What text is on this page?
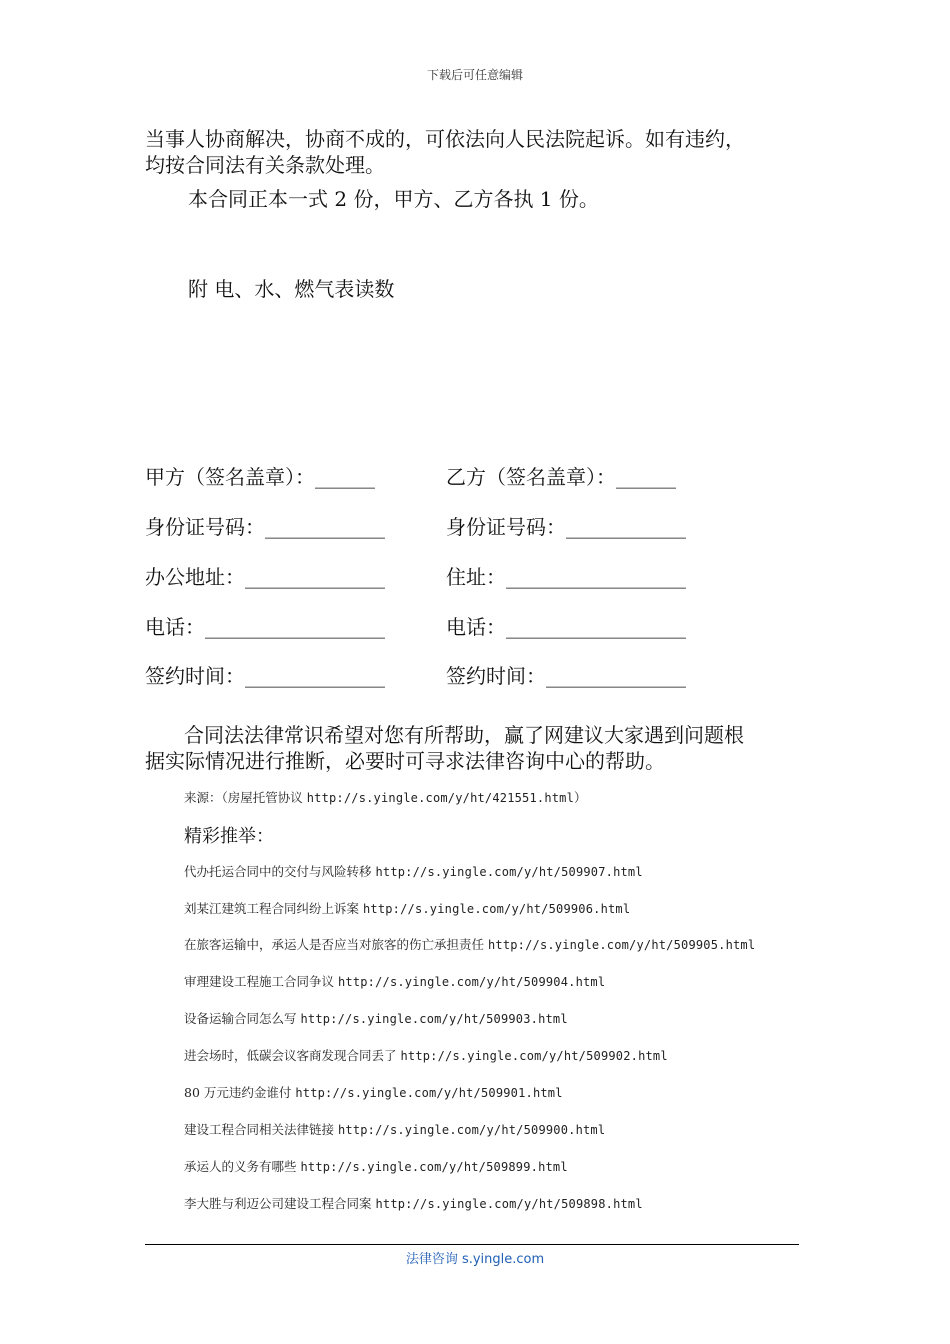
下载后可任意编辑
当事人协商解决，协商不成的，可依法向人民法院起诉。如有违约，
均按合同法有关条款处理。
本合同正本一式 2 份，甲方、乙方各执 1 份。
附 电、水、燃气表读数
甲方（签名盖章）：______	乙方（签名盖章）：______
身份证号码：____________	身份证号码：____________
办公地址：______________	住址：__________________
电话：__________________	电话：__________________
签约时间：______________	签约时间：______________
合同法法律常识希望对您有所帮助，赢了网建议大家遇到问题根
据实际情况进行推断，必要时可寻求法律咨询中心的帮助。
来源：（房屋托管协议 http://s.yingle.com/y/ht/421551.html）
精彩推举：
代办托运合同中的交付与风险转移 http://s.yingle.com/y/ht/509907.html
刘某江建筑工程合同纠纷上诉案 http://s.yingle.com/y/ht/509906.html
在旅客运输中，承运人是否应当对旅客的伤亡承担责任 http://s.yingle.com/y/ht/509905.html
审理建设工程施工合同争议 http://s.yingle.com/y/ht/509904.html
设备运输合同怎么写 http://s.yingle.com/y/ht/509903.html
进会场时，低碳会议客商发现合同丢了 http://s.yingle.com/y/ht/509902.html
80 万元违约金谁付 http://s.yingle.com/y/ht/509901.html
建设工程合同相关法律链接 http://s.yingle.com/y/ht/509900.html
承运人的义务有哪些 http://s.yingle.com/y/ht/509899.html
李大胜与利迈公司建设工程合同案 http://s.yingle.com/y/ht/509898.html
法律咨询 s.yingle.com
